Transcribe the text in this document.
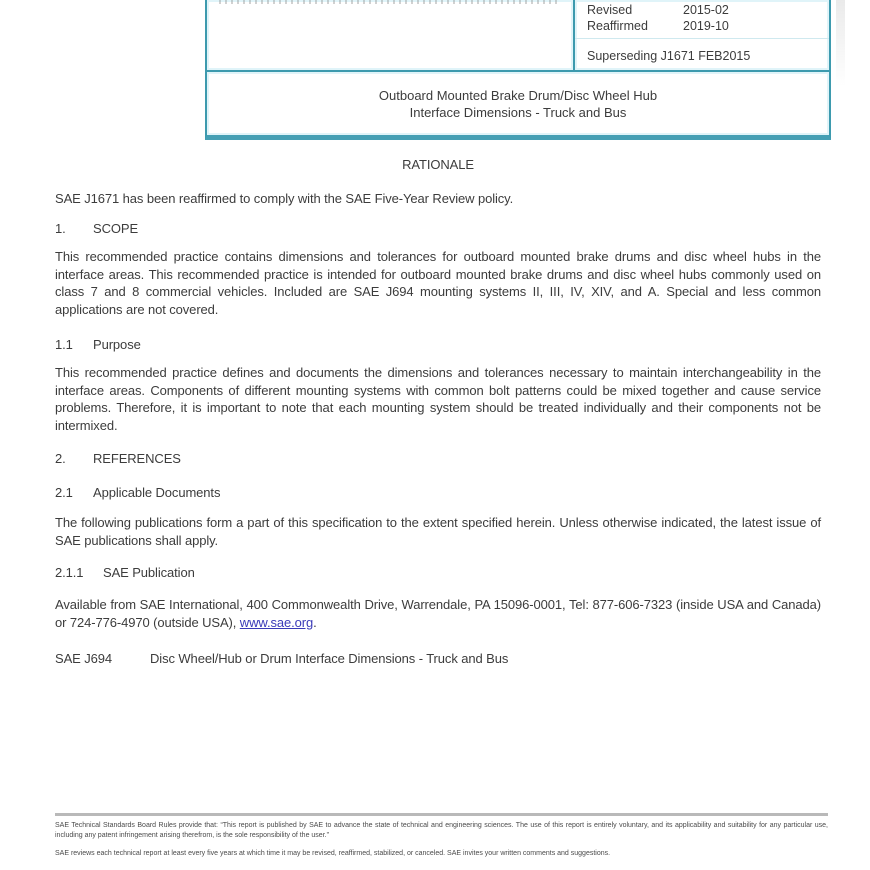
Revised	2015-02
Reaffirmed	2019-10
Superseding J1671 FEB2015
Outboard Mounted Brake Drum/Disc Wheel Hub
Interface Dimensions - Truck and Bus
RATIONALE
SAE J1671 has been reaffirmed to comply with the SAE Five-Year Review policy.
1. SCOPE
This recommended practice contains dimensions and tolerances for outboard mounted brake drums and disc wheel hubs in the interface areas. This recommended practice is intended for outboard mounted brake drums and disc wheel hubs commonly used on class 7 and 8 commercial vehicles. Included are SAE J694 mounting systems II, III, IV, XIV, and A. Special and less common applications are not covered.
1.1 Purpose
This recommended practice defines and documents the dimensions and tolerances necessary to maintain interchangeability in the interface areas. Components of different mounting systems with common bolt patterns could be mixed together and cause service problems. Therefore, it is important to note that each mounting system should be treated individually and their components not be intermixed.
2. REFERENCES
2.1 Applicable Documents
The following publications form a part of this specification to the extent specified herein. Unless otherwise indicated, the latest issue of SAE publications shall apply.
2.1.1 SAE Publication
Available from SAE International, 400 Commonwealth Drive, Warrendale, PA 15096-0001, Tel: 877-606-7323 (inside USA and Canada) or 724-776-4970 (outside USA), www.sae.org.
SAE J694	Disc Wheel/Hub or Drum Interface Dimensions - Truck and Bus
SAE Technical Standards Board Rules provide that: “This report is published by SAE to advance the state of technical and engineering sciences. The use of this report is entirely voluntary, and its applicability and suitability for any particular use, including any patent infringement arising therefrom, is the sole responsibility of the user.”
SAE reviews each technical report at least every five years at which time it may be revised, reaffirmed, stabilized, or canceled. SAE invites your written comments and suggestions.
